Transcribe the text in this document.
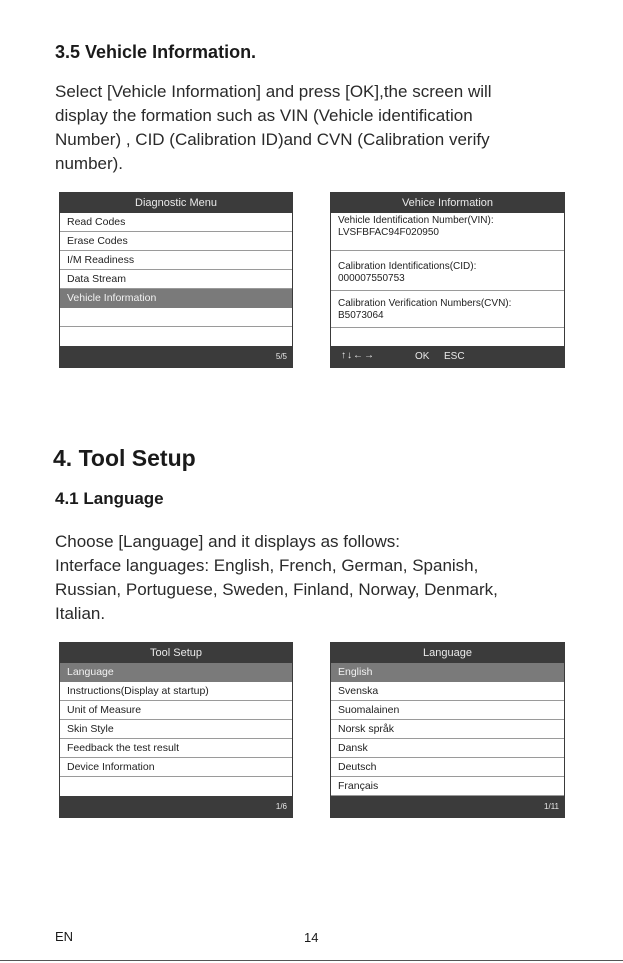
3.5 Vehicle Information.
Select [Vehicle Information] and press [OK],the screen will
display the formation such as VIN (Vehicle identification
Number) , CID (Calibration ID)and CVN (Calibration verify
number).
Diagnostic Menu
Read Codes
Erase Codes
I/M Readiness
Data Stream
Vehicle Information
5/5
Vehice Information
Vehicle Identification Number(VIN):
LVSFBFAC94F020950
Calibration Identifications(CID):
000007550753
Calibration Verification Numbers(CVN):
B5073064
↑↓←→	OK ESC
4. Tool Setup
4.1 Language
Choose [Language] and it displays as follows:
Interface languages: English, French, German, Spanish,
Russian, Portuguese, Sweden, Finland, Norway, Denmark,
Italian.
Tool Setup
Language
Instructions(Display at startup)
Unit of Measure
Skin Style
Feedback the test result
Device Information
1/6
Language
English
Svenska
Suomalainen
Norsk språk
Dansk
Deutsch
Français
1/11
EN	14
